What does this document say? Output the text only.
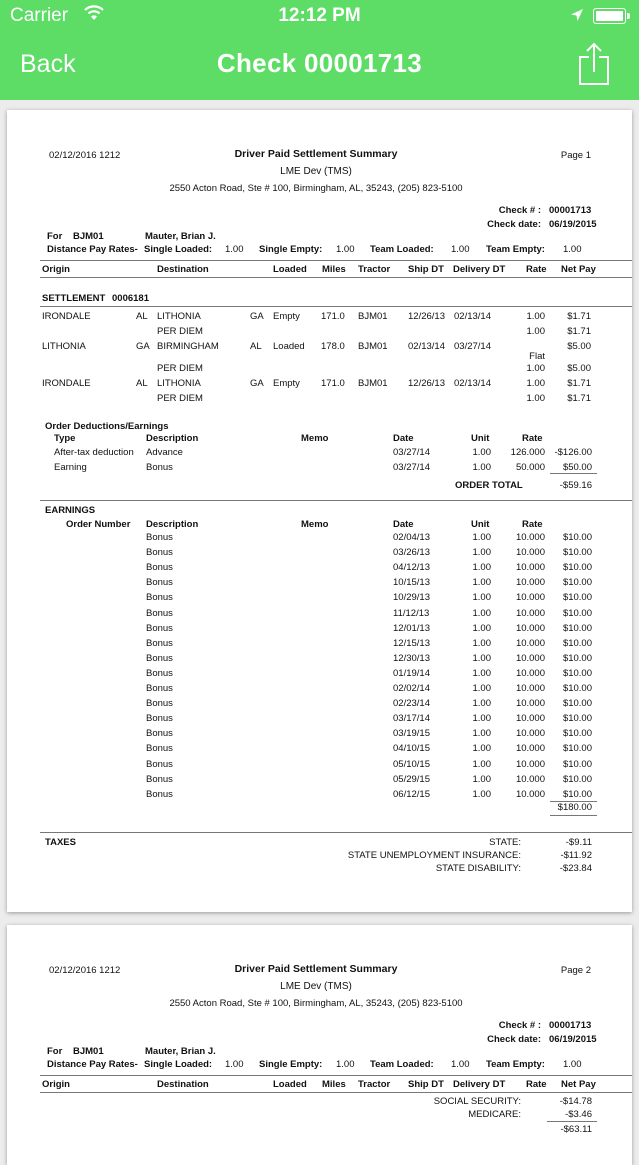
Carrier	12:12 PM
Back	Check 00001713
02/12/2016 1212	Driver Paid Settlement Summary	Page 1
LME Dev (TMS)
2550 Acton Road, Ste # 100, Birmingham, AL, 35243, (205) 823-5100
Check # : 00001713
Check date: 06/19/2015
For BJM01	Mauter, Brian J.
Distance Pay Rates- Single Loaded: 1.00 Single Empty: 1.00 Team Loaded: 1.00 Team Empty: 1.00
Origin	Destination	Loaded Miles Tractor Ship DT Delivery DT Rate Net Pay
SETTLEMENT 0006181
IRONDALE	AL LITHONIA	GA Empty 171.0 BJM01 12/26/13 02/13/14	1.00	$1.71
PER DIEM	1.00	$1.71
LITHONIA	GA BIRMINGHAM	AL Loaded 178.0 BJM01 02/13/14 03/27/14	$5.00
Flat
PER DIEM	1.00	$5.00
IRONDALE	AL LITHONIA	GA Empty 171.0 BJM01 12/26/13 02/13/14	1.00	$1.71
PER DIEM	1.00	$1.71
Order Deductions/Earnings
Type	Description	Memo	Date	Unit	Rate
After-tax deduction Advance	03/27/14	1.00	126.000 -$126.00
Earning	Bonus	03/27/14	1.00	50.000	$50.00
ORDER TOTAL	-$59.16
EARNINGS
Order Number Description	Memo	Date	Unit	Rate
Bonus	02/04/13	1.00	10.000	$10.00
Bonus	03/26/13	1.00	10.000	$10.00
Bonus	04/12/13	1.00	10.000	$10.00
Bonus	10/15/13	1.00	10.000	$10.00
Bonus	10/29/13	1.00	10.000	$10.00
Bonus	11/12/13	1.00	10.000	$10.00
Bonus	12/01/13	1.00	10.000	$10.00
Bonus	12/15/13	1.00	10.000	$10.00
Bonus	12/30/13	1.00	10.000	$10.00
Bonus	01/19/14	1.00	10.000	$10.00
Bonus	02/02/14	1.00	10.000	$10.00
Bonus	02/23/14	1.00	10.000	$10.00
Bonus	03/17/14	1.00	10.000	$10.00
Bonus	03/19/15	1.00	10.000	$10.00
Bonus	04/10/15	1.00	10.000	$10.00
Bonus	05/10/15	1.00	10.000	$10.00
Bonus	05/29/15	1.00	10.000	$10.00
Bonus	06/12/15	1.00	10.000	$10.00
$180.00
TAXES	STATE:	-$9.11
STATE UNEMPLOYMENT INSURANCE:	-$11.92
STATE DISABILITY:	-$23.84
02/12/2016 1212	Driver Paid Settlement Summary	Page 2
LME Dev (TMS)
2550 Acton Road, Ste # 100, Birmingham, AL, 35243, (205) 823-5100
Check # : 00001713
Check date: 06/19/2015
For BJM01	Mauter, Brian J.
Distance Pay Rates- Single Loaded: 1.00 Single Empty: 1.00 Team Loaded: 1.00 Team Empty: 1.00
Origin	Destination	Loaded Miles Tractor Ship DT Delivery DT Rate Net Pay
SOCIAL SECURITY:	-$14.78
MEDICARE:	-$3.46
-$63.11
